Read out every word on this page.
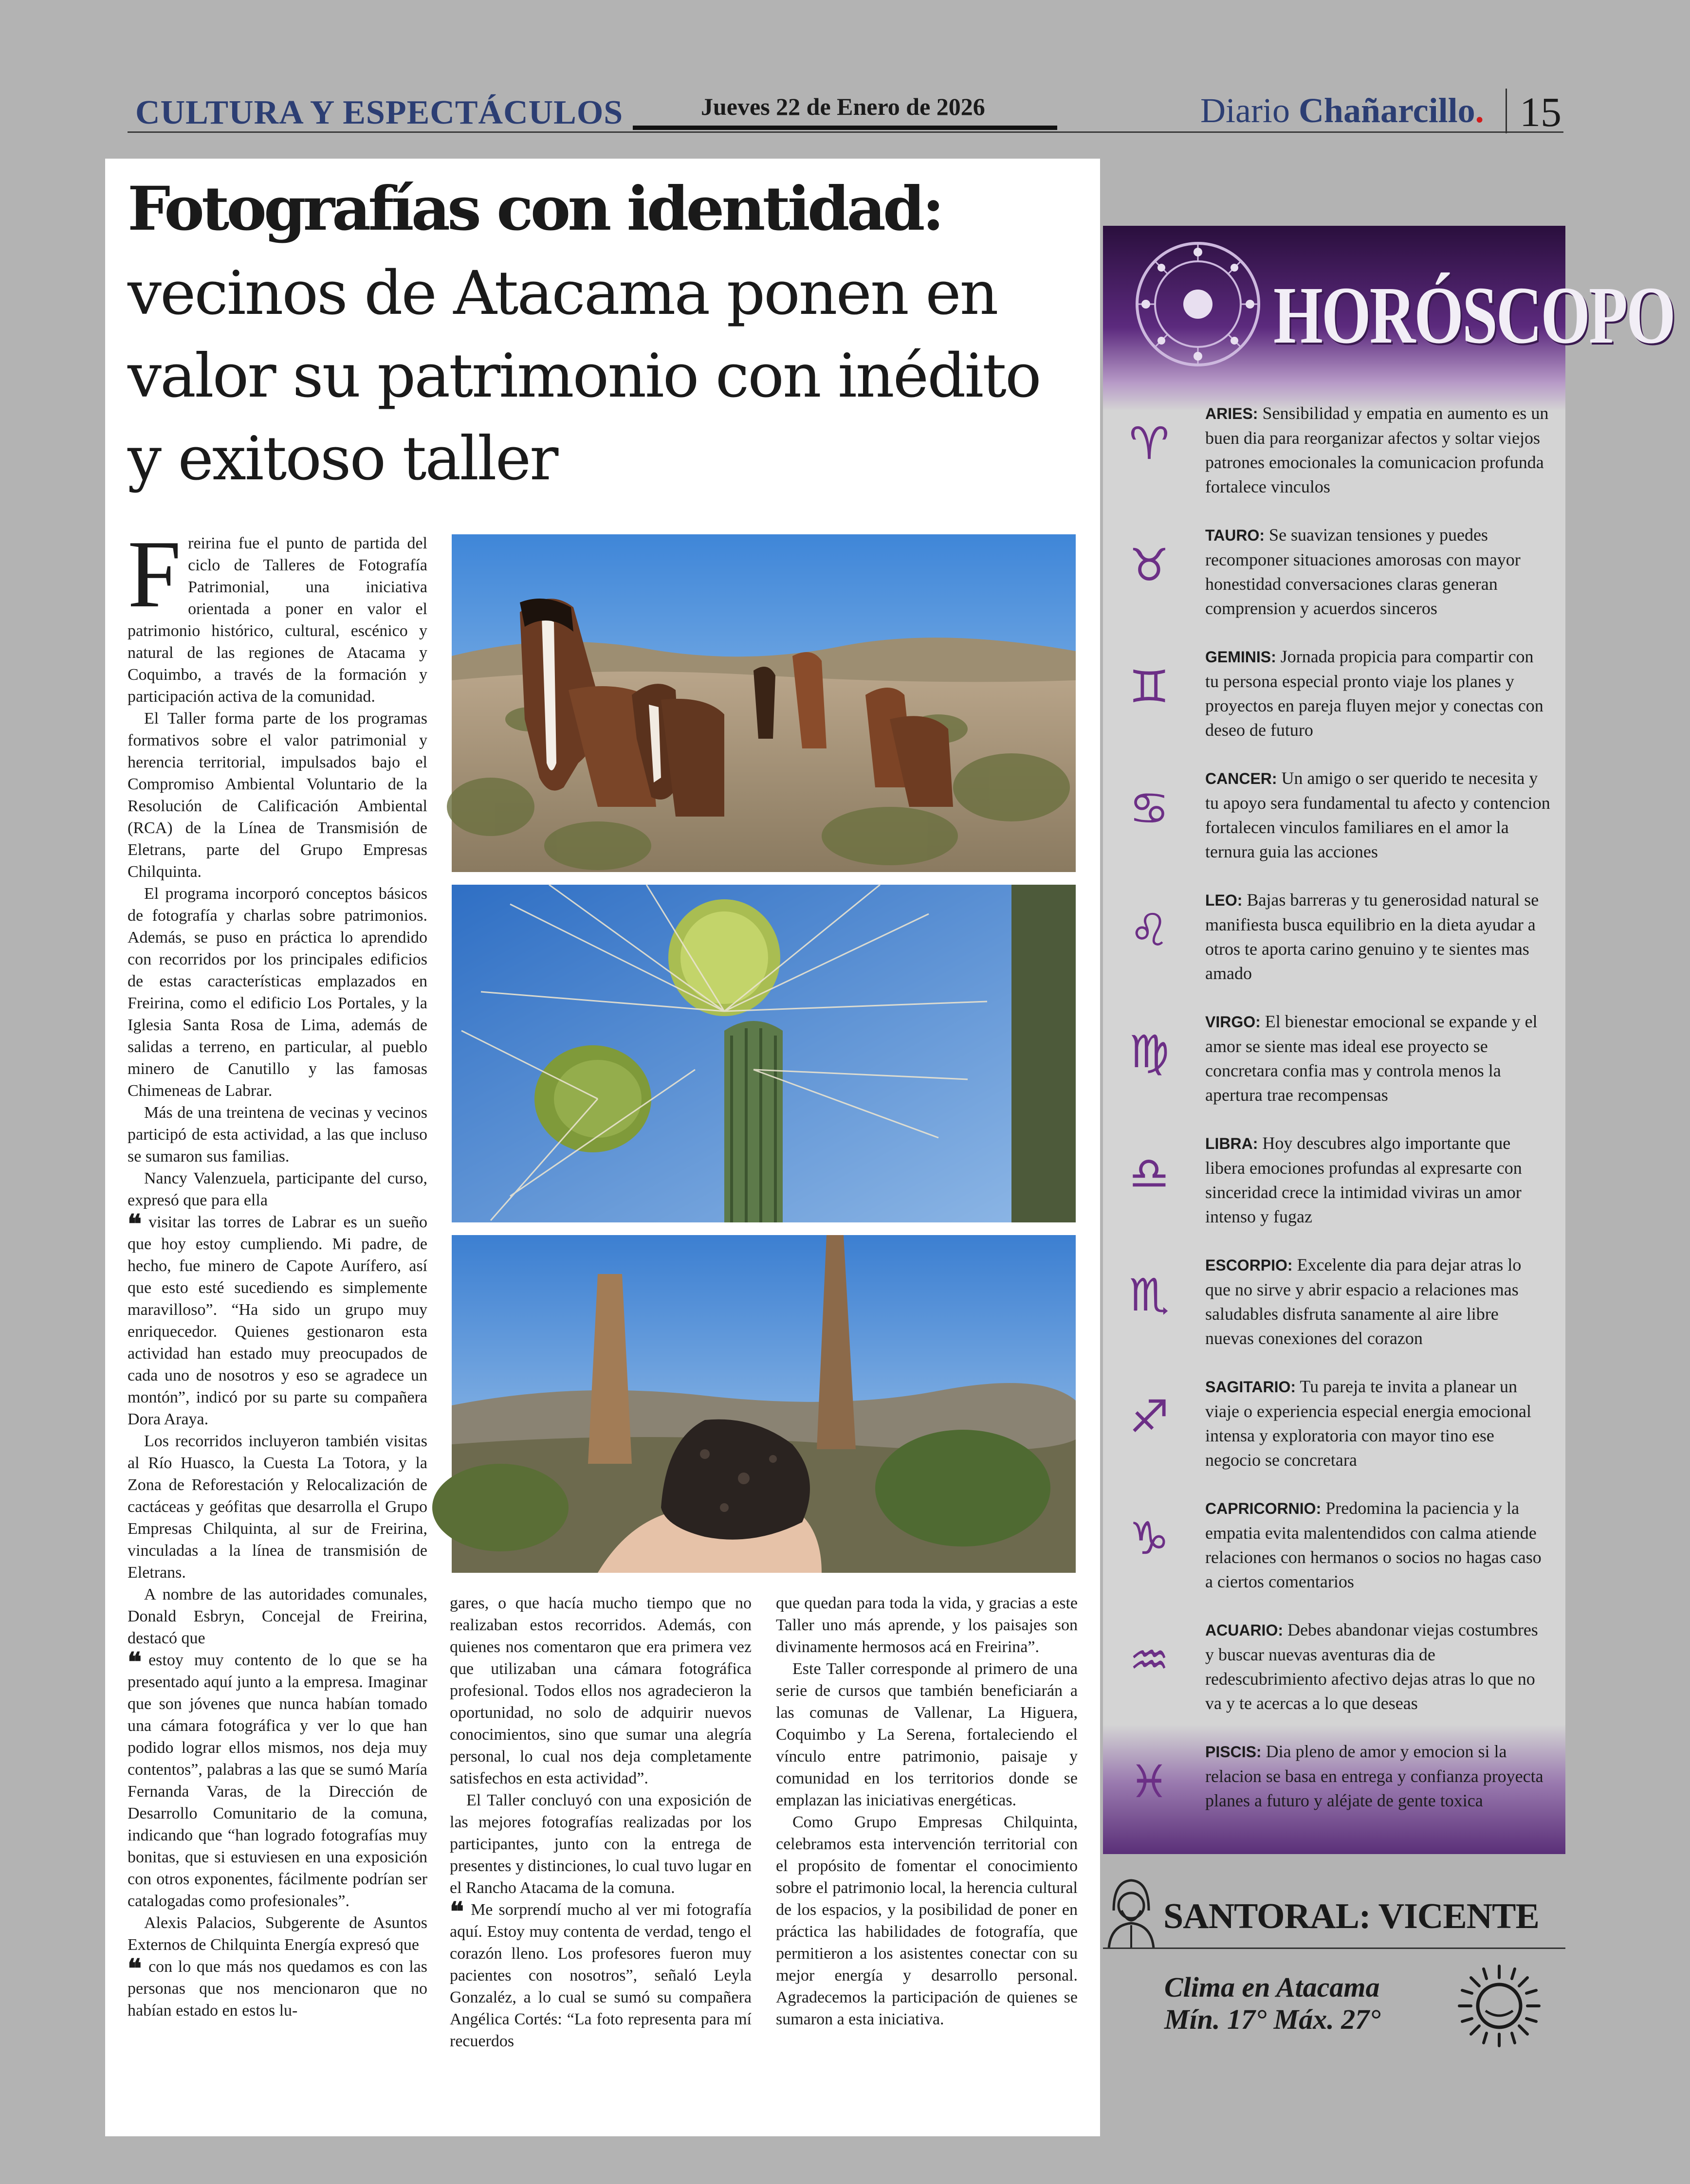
CULTURA Y ESPECTÁCULOS	Jueves 22 de Enero de 2026	Diario Chañarcillo. 15
Fotografías con identidad:
vecinos de Atacama ponen en valor su patrimonio con inédito y exitoso taller

Freirina fue el punto de partida del ciclo de Talleres de Fotografía Patrimonial, una iniciativa orientada a poner en valor el patrimonio histórico, cultural, escénico y natural de las regiones de Atacama y Coquimbo, a través de la formación y participación activa de la comunidad.

El Taller forma parte de los programas formativos sobre el valor patrimonial y herencia territorial, impulsados bajo el Compromiso Ambiental Voluntario de la Resolución de Calificación Ambiental (RCA) de la Línea de Transmisión de Eletrans, parte del Grupo Empresas Chilquinta.

El programa incorporó conceptos básicos de fotografía y charlas sobre patrimonios. Además, se puso en práctica lo aprendido con recorridos por los principales edificios de estas características emplazados en Freirina, como el edificio Los Portales, y la Iglesia Santa Rosa de Lima, además de salidas a terreno, en particular, al pueblo minero de Canutillo y las famosas Chimeneas de Labrar.

Más de una treintena de vecinas y vecinos participó de esta actividad, a las que incluso se sumaron sus familias.

Nancy Valenzuela, participante del curso, expresó que para ella

❝ visitar las torres de Labrar es un sueño que hoy estoy cumpliendo. Mi padre, de hecho, fue minero de Capote Aurífero, así que esto esté sucediendo es simplemente maravilloso”. “Ha sido un grupo muy enriquecedor. Quienes gestionaron esta actividad han estado muy preocupados de cada uno de nosotros y eso se agradece un montón”, indicó por su parte su compañera Dora Araya.

Los recorridos incluyeron también visitas al Río Huasco, la Cuesta La Totora, y la Zona de Reforestación y Relocalización de cactáceas y geófitas que desarrolla el Grupo Empresas Chilquinta, al sur de Freirina, vinculadas a la línea de transmisión de Eletrans.

A nombre de las autoridades comunales, Donald Esbryn, Concejal de Freirina, destacó que

❝ estoy muy contento de lo que se ha presentado aquí junto a la empresa. Imaginar que son jóvenes que nunca habían tomado una cámara fotográfica y ver lo que han podido lograr ellos mismos, nos deja muy contentos”, palabras a las que se sumó María Fernanda Varas, de la Dirección de Desarrollo Comunitario de la comuna, indicando que “han logrado fotografías muy bonitas, que si estuviesen en una exposición con otros exponentes, fácilmente podrían ser catalogadas como profesionales”.

Alexis Palacios, Subgerente de Asuntos Externos de Chilquinta Energía expresó que

❝ con lo que más nos quedamos es con las personas que nos mencionaron que no habían estado en estos lu-

gares, o que hacía mucho tiempo que no realizaban estos recorridos. Además, con quienes nos comentaron que era primera vez que utilizaban una cámara fotográfica profesional. Todos ellos nos agradecieron la oportunidad, no solo de adquirir nuevos conocimientos, sino que sumar una alegría personal, lo cual nos deja completamente satisfechos en esta actividad”.

El Taller concluyó con una exposición de las mejores fotografías realizadas por los participantes, junto con la entrega de presentes y distinciones, lo cual tuvo lugar en el Rancho Atacama de la comuna.

❝ Me sorprendí mucho al ver mi fotografía aquí. Estoy muy contenta de verdad, tengo el corazón lleno. Los profesores fueron muy pacientes con nosotros”, señaló Leyla Gonzaléz, a lo cual se sumó su compañera Angélica Cortés: “La foto representa para mí recuerdos

que quedan para toda la vida, y gracias a este Taller uno más aprende, y los paisajes son divinamente hermosos acá en Freirina”.

Este Taller corresponde al primero de una serie de cursos que también beneficiarán a las comunas de Vallenar, La Higuera, Coquimbo y La Serena, fortaleciendo el vínculo entre patrimonio, paisaje y comunidad en los territorios donde se emplazan las iniciativas energéticas.

Como Grupo Empresas Chilquinta, celebramos esta intervención territorial con el propósito de fomentar el conocimiento sobre el patrimonio local, la herencia cultural de los espacios, y la posibilidad de poner en práctica las habilidades de fotografía, que permitieron a los asistentes conectar con su mejor energía y desarrollo personal. Agradecemos la participación de quienes se sumaron a esta iniciativa.

HORÓSCOPO
♈
ARIES: Sensibilidad y empatia en aumento es un buen dia para reorganizar afectos y soltar viejos patrones emocionales la comunicacion profunda fortalece vinculos
♉
TAURO: Se suavizan tensiones y puedes recomponer situaciones amorosas con mayor honestidad conversaciones claras generan comprension y acuerdos sinceros
♊
GEMINIS: Jornada propicia para compartir con tu persona especial pronto viaje los planes y proyectos en pareja fluyen mejor y conectas con deseo de futuro
♋
CANCER: Un amigo o ser querido te necesita y tu apoyo sera fundamental tu afecto y contencion fortalecen vinculos familiares en el amor la ternura guia las acciones
♌
LEO: Bajas barreras y tu generosidad natural se manifiesta busca equilibrio en la dieta ayudar a otros te aporta carino genuino y te sientes mas amado
♍
VIRGO: El bienestar emocional se expande y el amor se siente mas ideal ese proyecto se concretara confia mas y controla menos la apertura trae recompensas
♎
LIBRA: Hoy descubres algo importante que libera emociones profundas al expresarte con sinceridad crece la intimidad viviras un amor intenso y fugaz
♏
ESCORPIO: Excelente dia para dejar atras lo que no sirve y abrir espacio a relaciones mas saludables disfruta sanamente al aire libre nuevas conexiones del corazon
♐
SAGITARIO: Tu pareja te invita a planear un viaje o experiencia especial energia emocional intensa y exploratoria con mayor tino ese negocio se concretara
♑
CAPRICORNIO: Predomina la paciencia y la empatia evita malentendidos con calma atiende relaciones con hermanos o socios no hagas caso a ciertos comentarios
♒
ACUARIO: Debes abandonar viejas costumbres y buscar nuevas aventuras dia de redescubrimiento afectivo dejas atras lo que no va y te acercas a lo que deseas
♓
PISCIS: Dia pleno de amor y emocion si la relacion se basa en entrega y confianza proyecta planes a futuro y aléjate de gente toxica
SANTORAL: VICENTE
Clima en Atacama
Mín. 17° Máx. 27°
